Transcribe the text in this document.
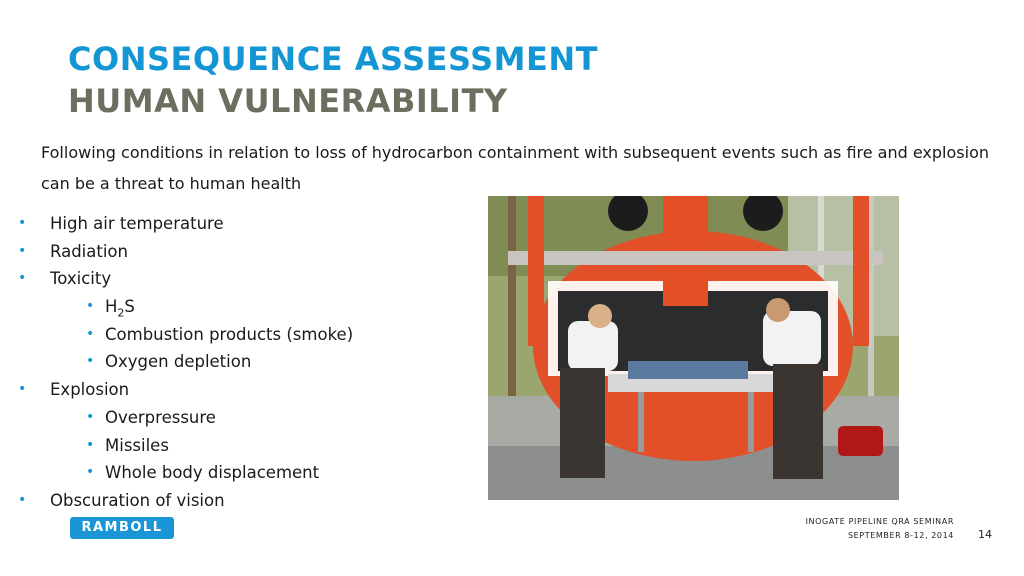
CONSEQUENCE ASSESSMENT
HUMAN VULNERABILITY
Following conditions in relation to loss of hydrocarbon containment with subsequent events such as fire and explosion can be a threat to human health
• High air temperature
• Radiation
• Toxicity
• $H_2S$
• Combustion products (smoke)
• Oxygen depletion
• Explosion
• Overpressure
• Missiles
• Whole body displacement
• Obscuration of vision
RAMBOLL	INOGATE PIPELINE QRA SEMINAR
SEPTEMBER 8-12, 2014 14
